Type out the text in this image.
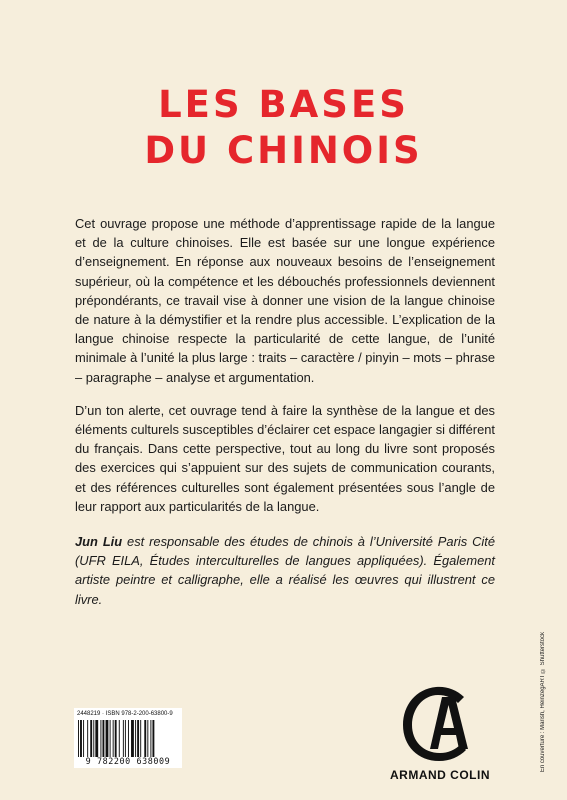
LES BASES
DU CHINOIS

Cet ouvrage propose une méthode d’apprentissage rapide de la langue et de la culture chinoises. Elle est basée sur une longue expérience d’enseignement. En réponse aux nouveaux besoins de l’enseignement supérieur, où la compétence et les débouchés professionnels deviennent prépondérants, ce travail vise à donner une vision de la langue chinoise de nature à la démystifier et la rendre plus accessible. L’explication de la langue chinoise respecte la particularité de cette langue, de l’unité minimale à l’unité la plus large : traits – caractère / pinyin – mots – phrase – paragraphe – analyse et argumentation.

D’un ton alerte, cet ouvrage tend à faire la synthèse de la langue et des éléments culturels susceptibles d’éclairer cet espace langagier si différent du français. Dans cette perspective, tout au long du livre sont proposés des exercices qui s’appuient sur des sujets de communication courants, et des références culturelles sont également présentées sous l’angle de leur rapport aux particularités de la langue.

Jun Liu est responsable des études de chinois à l’Université Paris Cité (UFR EILA, Études interculturelles de langues appliquées). Également artiste peintre et calligraphe, elle a réalisé les œuvres qui illustrent ce livre.
En couverture : Marish, HeinzegART © Shutterstock
2448219 · ISBN 978-2-200-63800-9
9 782200 638009
ARMAND COLIN
